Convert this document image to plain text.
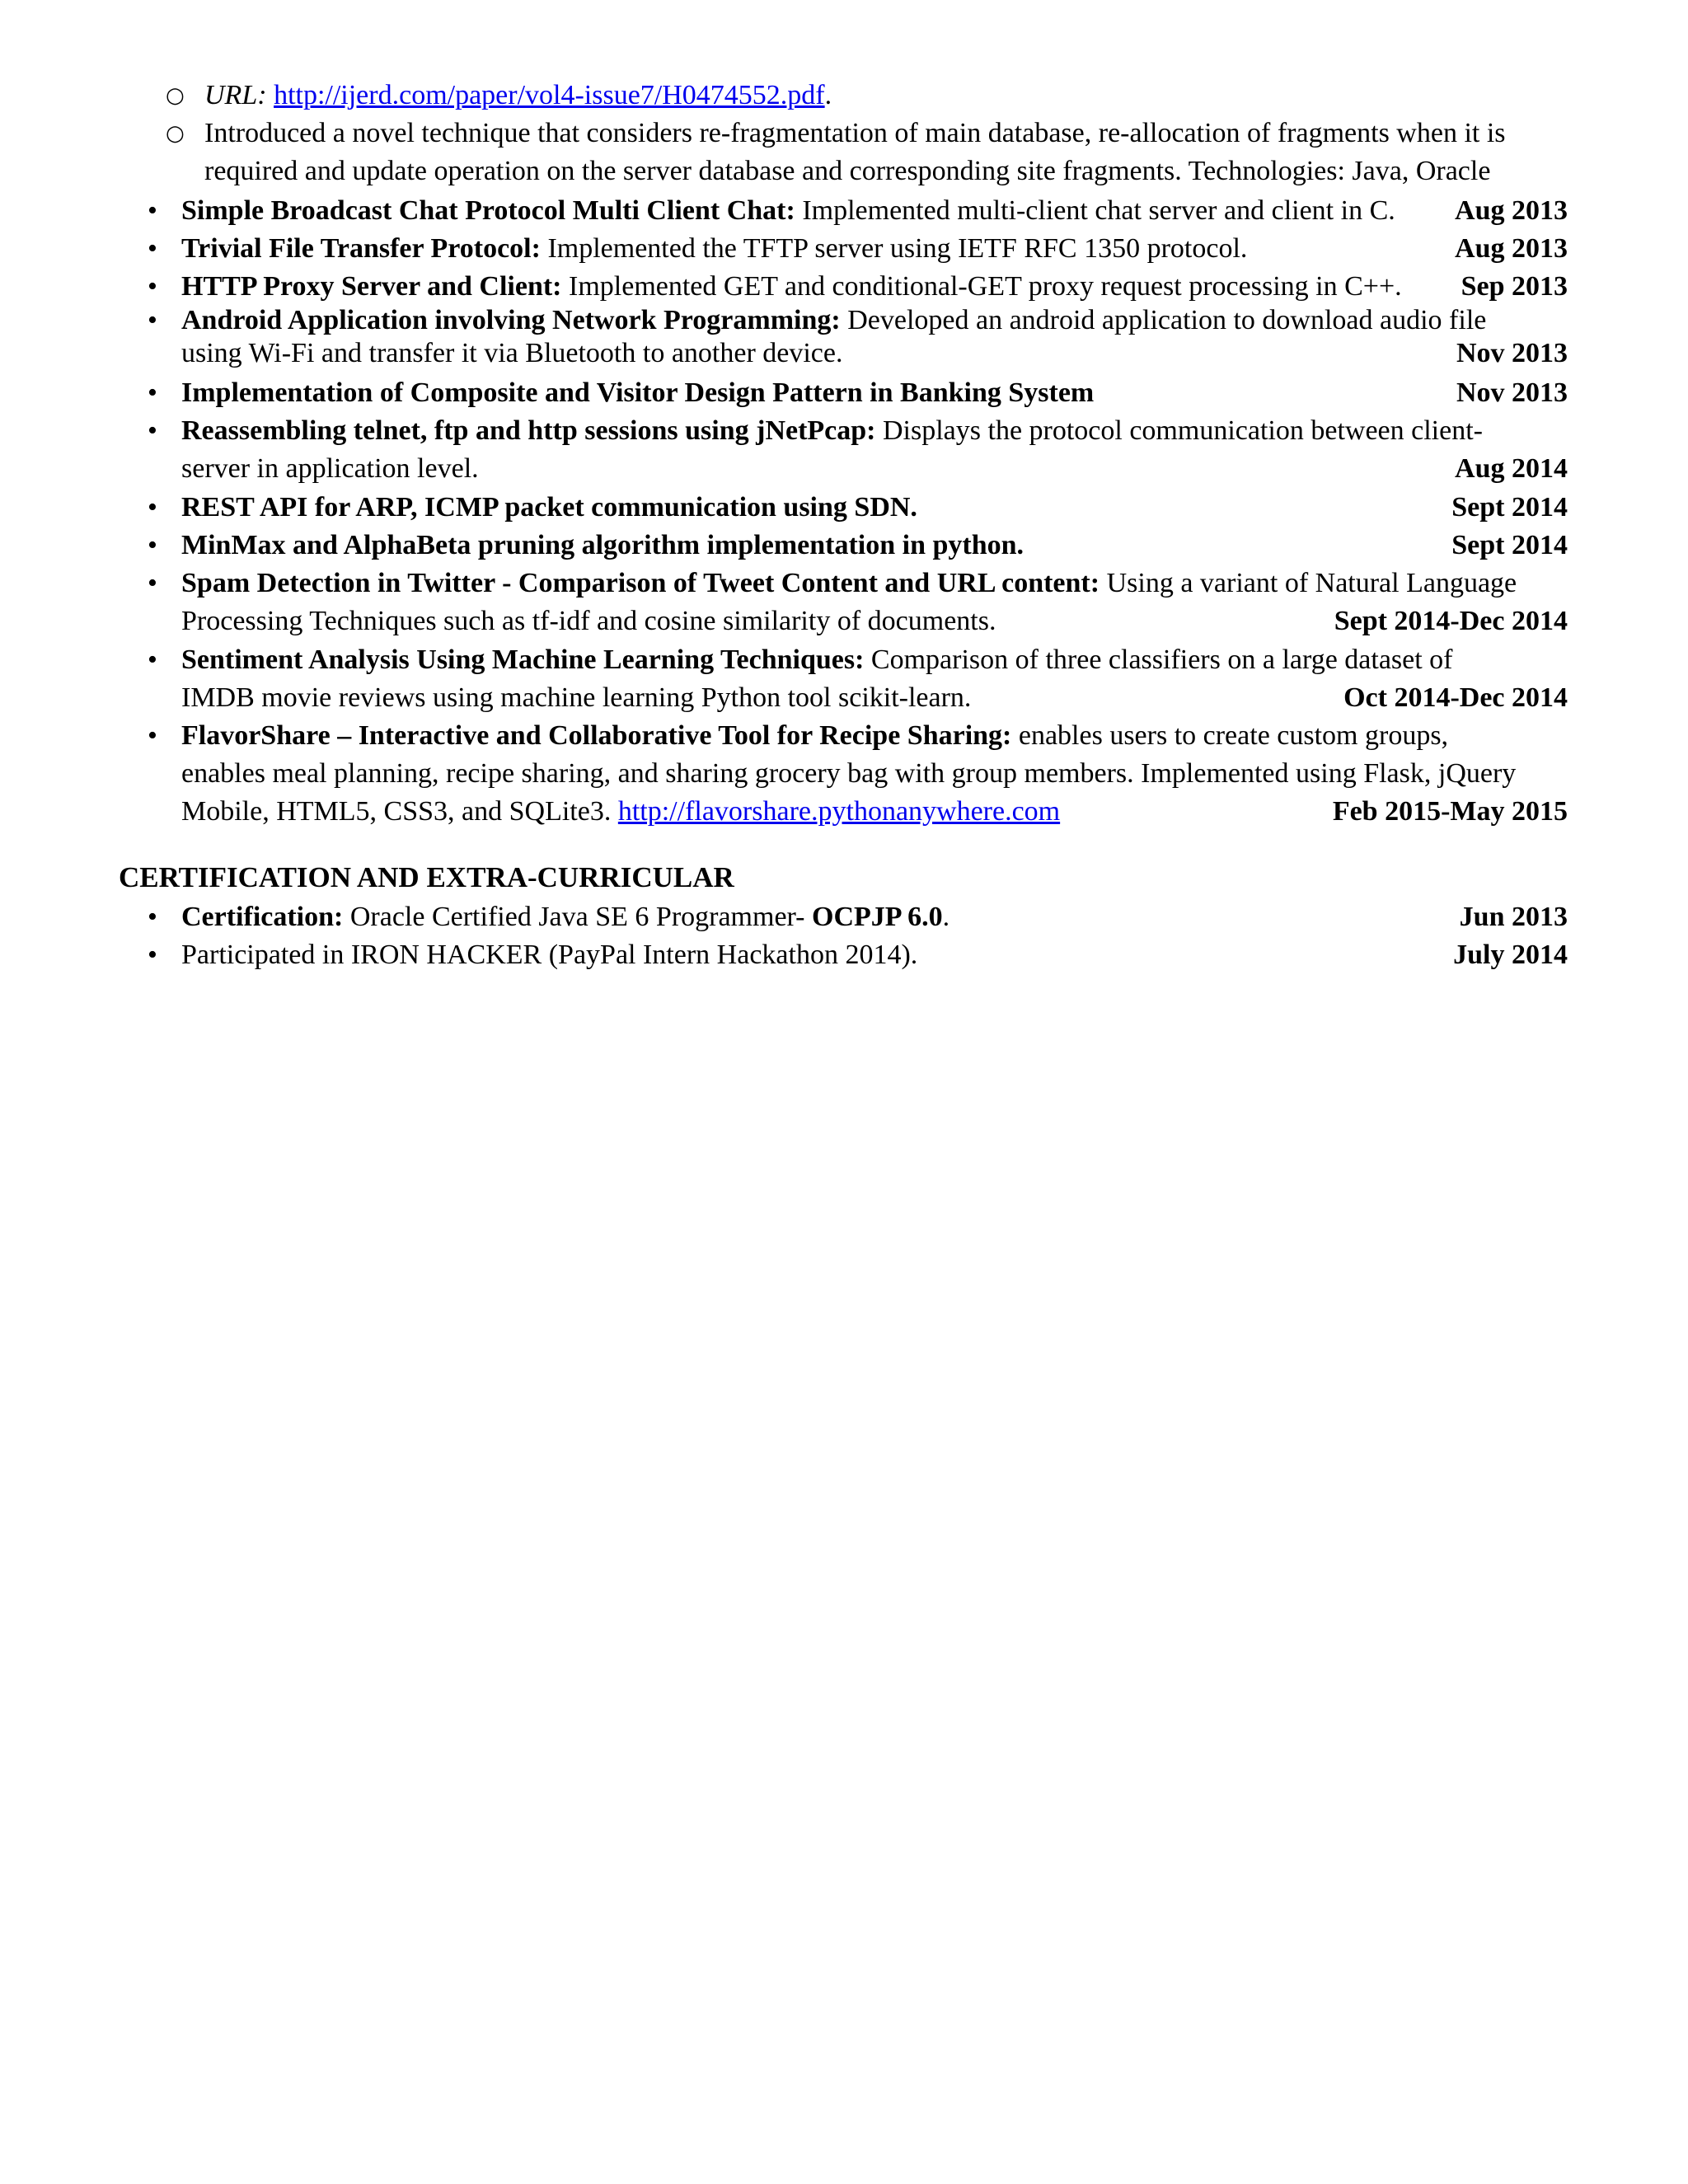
○ URL: http://ijerd.com/paper/vol4-issue7/H0474552.pdf.
○ Introduced a novel technique that considers re-fragmentation of main database, re-allocation of fragments when it is required and update operation on the server database and corresponding site fragments. Technologies: Java, Oracle
• Simple Broadcast Chat Protocol Multi Client Chat: Implemented multi-client chat server and client in C. Aug 2013
• Trivial File Transfer Protocol: Implemented the TFTP server using IETF RFC 1350 protocol.	Aug 2013
• HTTP Proxy Server and Client: Implemented GET and conditional-GET proxy request processing in C++. Sep 2013
• Android Application involving Network Programming: Developed an android application to download audio file
using Wi-Fi and transfer it via Bluetooth to another device.	Nov 2013
• Implementation of Composite and Visitor Design Pattern in Banking System	Nov 2013
• Reassembling telnet, ftp and http sessions using jNetPcap: Displays the protocol communication between client-
server in application level.	Aug 2014
• REST API for ARP, ICMP packet communication using SDN.	Sept 2014
• MinMax and AlphaBeta pruning algorithm implementation in python.	Sept 2014
• Spam Detection in Twitter - Comparison of Tweet Content and URL content: Using a variant of Natural Language
Processing Techniques such as tf-idf and cosine similarity of documents.	Sept 2014-Dec 2014
• Sentiment Analysis Using Machine Learning Techniques: Comparison of three classifiers on a large dataset of
IMDB movie reviews using machine learning Python tool scikit-learn.	Oct 2014-Dec 2014
• FlavorShare – Interactive and Collaborative Tool for Recipe Sharing: enables users to create custom groups,
enables meal planning, recipe sharing, and sharing grocery bag with group members. Implemented using Flask, jQuery
Mobile, HTML5, CSS3, and SQLite3. http://flavorshare.pythonanywhere.com	Feb 2015-May 2015
CERTIFICATION AND EXTRA-CURRICULAR
• Certification: Oracle Certified Java SE 6 Programmer- OCPJP 6.0.	Jun 2013
• Participated in IRON HACKER (PayPal Intern Hackathon 2014).	July 2014
